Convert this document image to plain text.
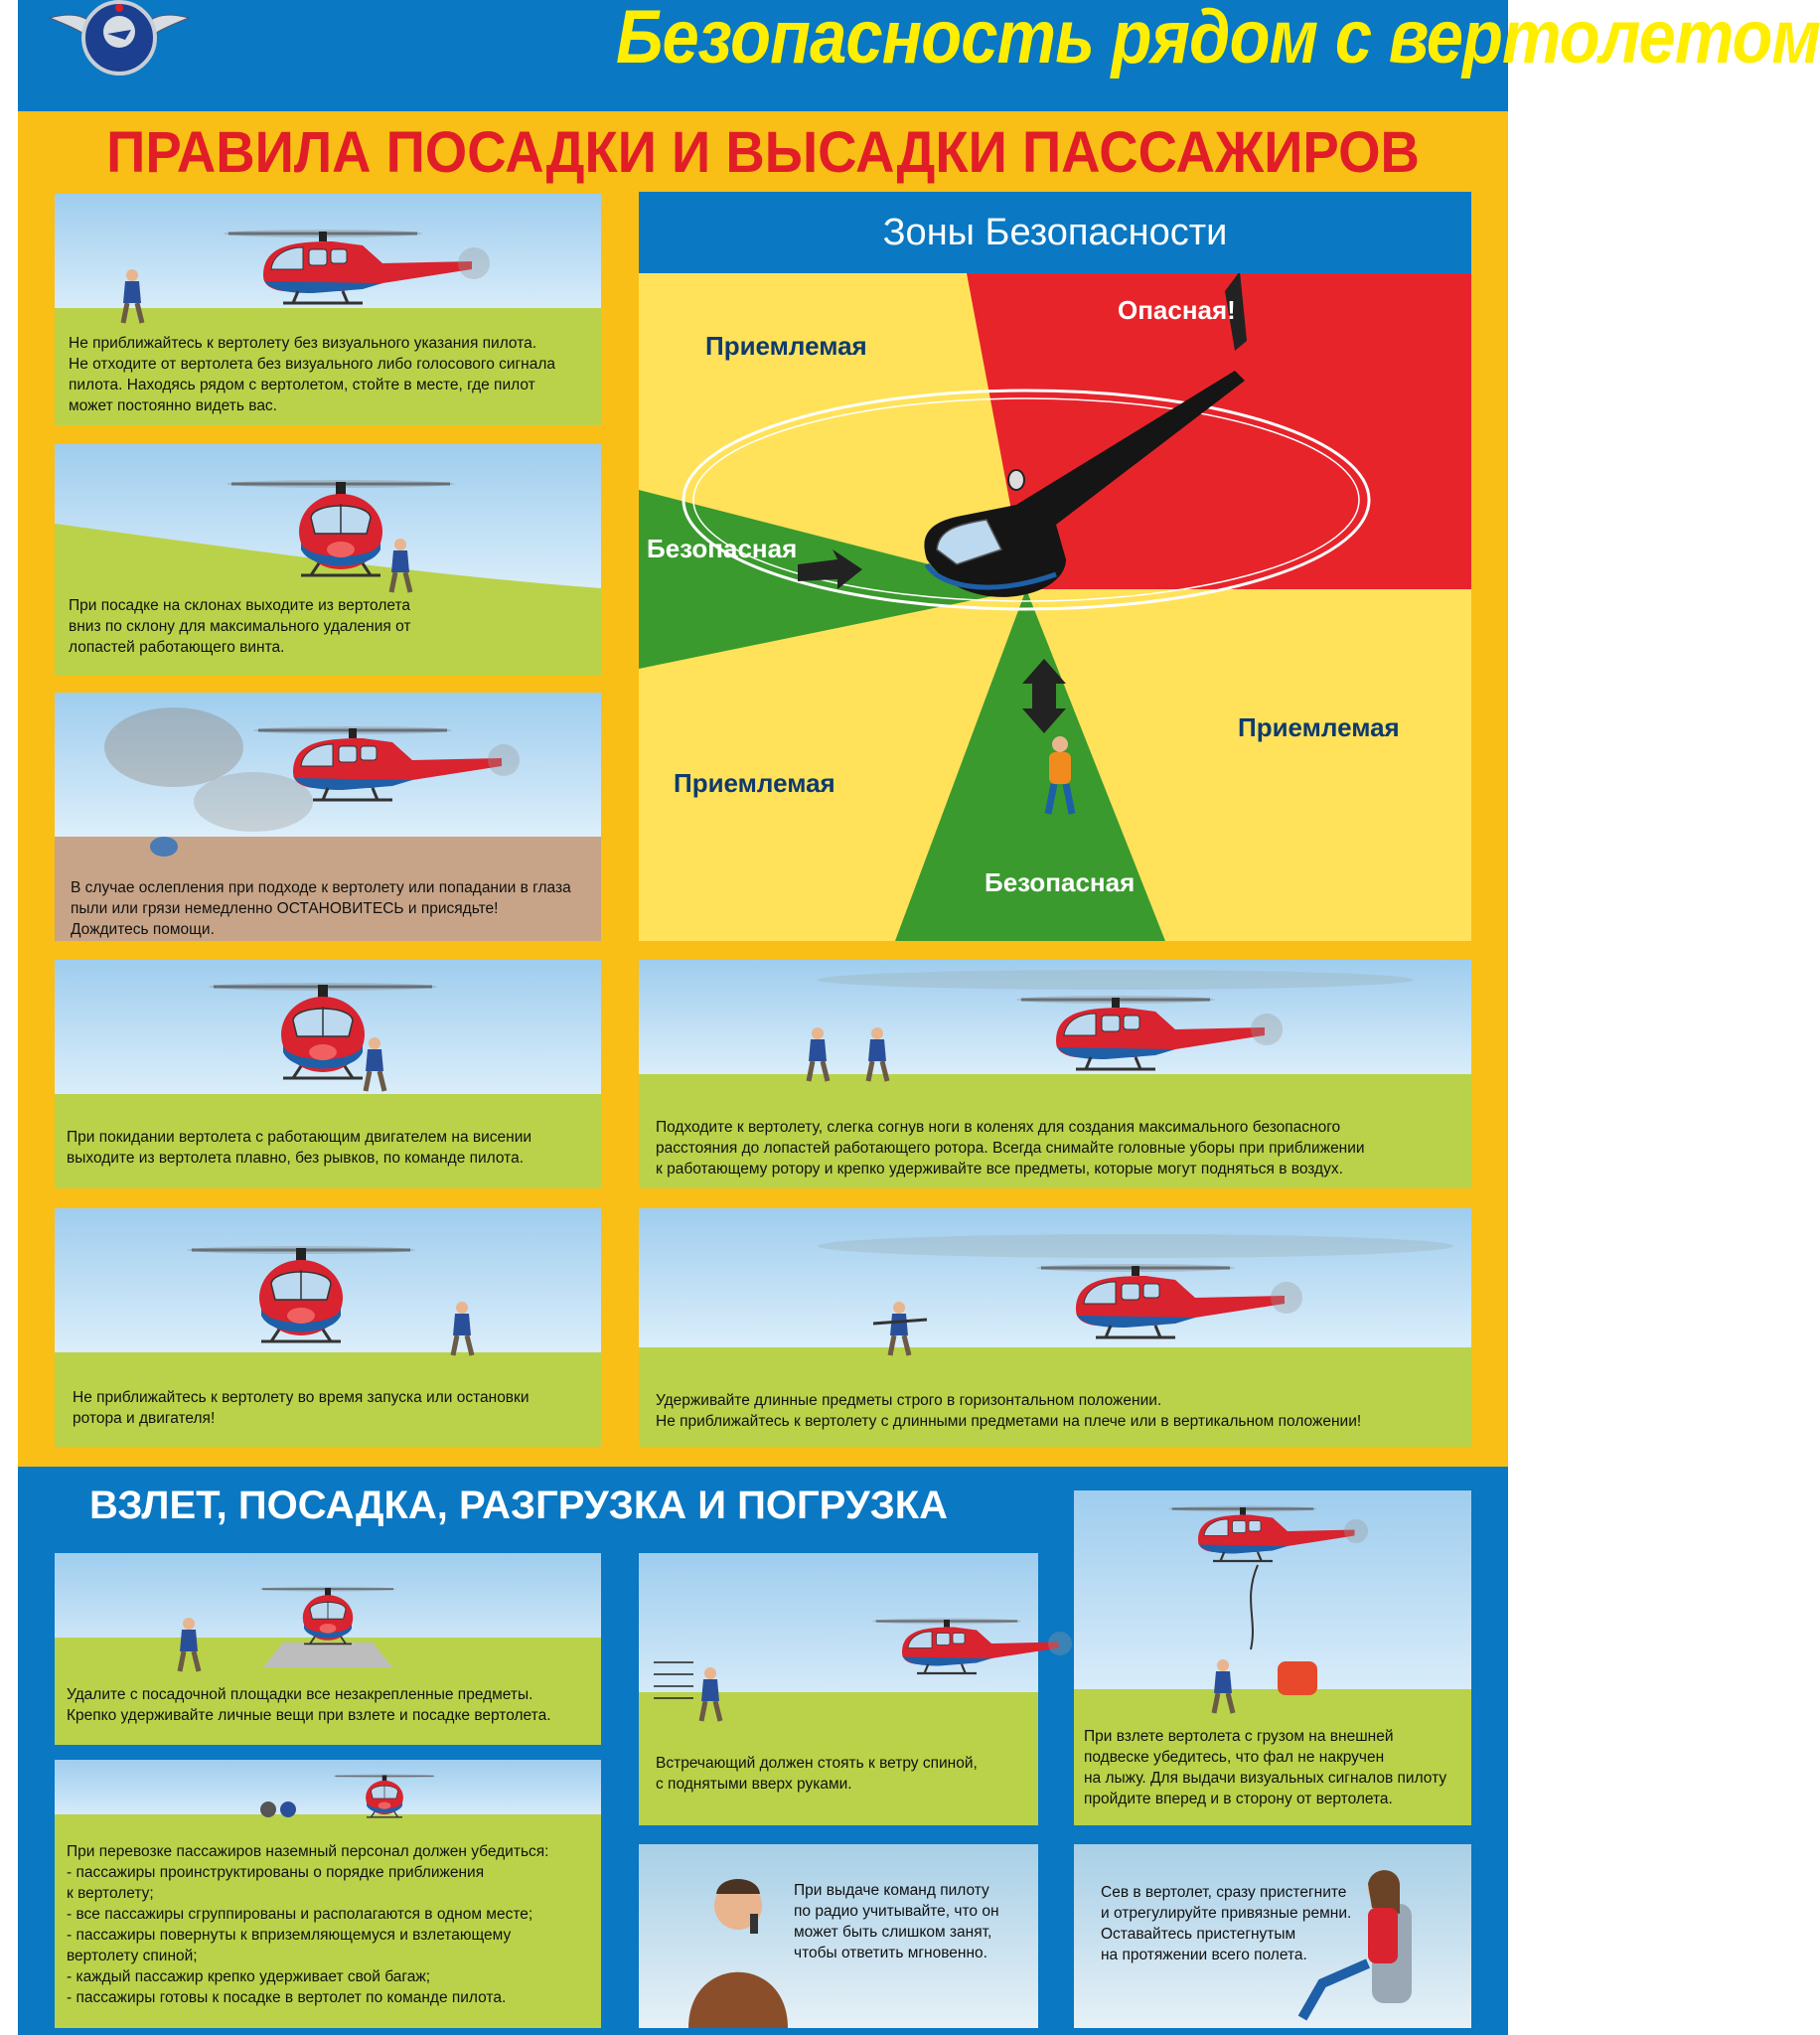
Безопасность рядом с вертолетом
ПРАВИЛА ПОСАДКИ И ВЫСАДКИ ПАССАЖИРОВ
Не приближайтесь к вертолету без визуального указания пилота.
Не отходите от вертолета без визуального либо голосового сигнала
пилота. Находясь рядом с вертолетом, стойте в месте, где пилот
может постоянно видеть вас.
При посадке на склонах выходите из вертолета
вниз по склону для максимального удаления от
лопастей работающего винта.
В случае ослепления при подходе к вертолету или попадании в глаза
пыли или грязи немедленно ОСТАНОВИТЕСЬ и присядьте!
Дождитесь помощи.
При покидании вертолета с работающим двигателем на висении
выходите из вертолета плавно, без рывков, по команде пилота.
Не приближайтесь к вертолету во время запуска или остановки
ротора и двигателя!
Зоны Безопасности
Опасная!
Приемлемая
Безопасная
Приемлемая
Приемлемая
Безопасная
Подходите к вертолету, слегка согнув ноги в коленях для создания максимального безопасного
расстояния до лопастей работающего ротора. Всегда снимайте головные уборы при приближении
к работающему ротору и крепко удерживайте все предметы, которые могут подняться в воздух.
Удерживайте длинные предметы строго в горизонтальном положении.
Не приближайтесь к вертолету с длинными предметами на плече или в вертикальном положении!
ВЗЛЕТ, ПОСАДКА, РАЗГРУЗКА И ПОГРУЗКА
Удалите с посадочной площадки все незакрепленные предметы.
Крепко удерживайте личные вещи при взлете и посадке вертолета.
При перевозке пассажиров наземный персонал должен убедиться:
- пассажиры проинструктированы о порядке приближения
к вертолету;
- все пассажиры сгруппированы и располагаются в одном месте;
- пассажиры повернуты к вприземляющемуся и взлетающему
вертолету спиной;
- каждый пассажир крепко удерживает свой багаж;
- пассажиры готовы к посадке в вертолет по команде пилота.
Встречающий должен стоять к ветру спиной,
с поднятыми вверх руками.
При взлете вертолета с грузом на внешней
подвеске убедитесь, что фал не накручен
на лыжу. Для выдачи визуальных сигналов пилоту
пройдите вперед и в сторону от вертолета.
При выдаче команд пилоту
по радио учитывайте, что он
может быть слишком занят,
чтобы ответить мгновенно.
Сев в вертолет, сразу пристегните
и отрегулируйте привязные ремни.
Оставайтесь пристегнутым
на протяжении всего полета.
